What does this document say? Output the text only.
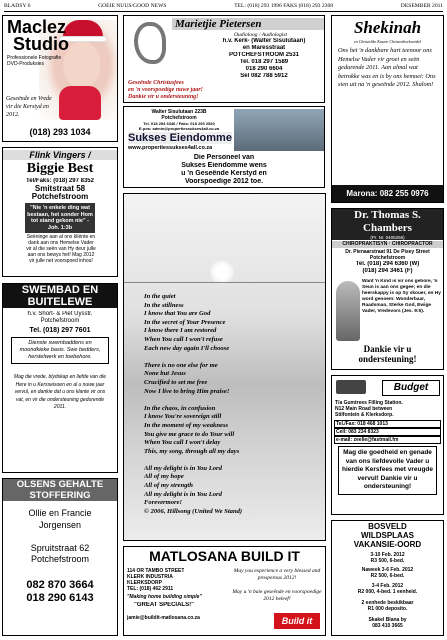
BLADSY 6	GOEIE NUUS/GOOD NEWS	TEL: (018) 293 1996 FAKS (018) 293 2308	DESEMBER 2011
Maclez
Studio
Professionele Fotografie
DVD-Produksies
Geseënde en Vrede vir die Kerstyd en 2012.
(018) 293 1034
Marietjie Pietersen
Oudioloog / Audiologist
h.v. Kerk- (Walter Sisulutaan)
en Maresstraat
POTCHEFSTROOM 2531
Tel. 018 297 1589
018 290 6604
Sel 082 788 5912
Geseënde Christusfees
en 'n voorspoedige nuwe jaar!
Dankie vir u ondersteuning!
Walter Sisulutaan 223B
Potchefstroom
Tel. 018 294 6346 / Faks: 018 293 2520
E-pos: admin@propertiessukses4all.co.za
Sukses Eiendomme
www.propertiessukses4all.co.za
Die Personeel van
Sukses Eiendomme wens
u 'n Geseënde Kerstyd en
Voorspoedige 2012 toe.
Shekinah
en Christelike Kaarte Christenboekwinkel
Ons het 'n dankbare hart teenoor ons Hemelse Vader vir groei en seën gedurende 2011. Aan almal wat betrokke was en is by ons bemoei: Ons sien uit na 'n geseënde 2012. Shalom!
Marona: 082 255 0976
Flink Vingers /
Biggie Best
Tel/Faks: (018) 297 8352
Smitstraat 58
Potchefstroom
"Nie 'n enkele ding wat bestaan, het sonder Hom tot stand gekom nie" - Joh. 1:3b
Seëninge aan al ons kliënte en dank aan ons Hemelse Vader vir al die seën van Hy deur julle aan ons bewys het! Mag 2012 vir julle net voorspoed inhou!
SWEMBAD EN
BUITELEWE
h.v. Short- & Piet Uysstr. Potchefstroom
Tel. (018) 297 7601
Dienste swembaddens en moondkieke basis. Swe bedders, herstelwerk en toebehore.
Mag die vrede, blydskap en liefde van die Here in u Kersseisoen en al u nuwe jaar vervul, en dankie dat u ons klante vir ons vat, en vir die ondersteuning gedurende 2011.
OLSENS GEHALTE
STOFFERING
Ollie en Francie Jorgensen
Spruitstraat 62
Potchefstroom
082 870 3664
018 290 6143
In the quiet
In the stillness
I know that You are God
In the secret of Your Presence
I know there I am restored
When You call I won't refuse
Each new day again I'll choose
There is no one else for me
None but Jesus
Crucified to set me free
Now I live to bring Him praise!
In the chaos, in confusion
I know You're sovereign still
In the moment of my weakness
You give me grace to do Your will
When You call I won't delay
This, my song, through all my days
All my delight is in You Lord
All of my hope
All of my strength
All my delight is in You Lord
Forevermore!
© 2006, Hillsong (United We Stand)
MATLOSANA BUILD IT
114 OR TAMBO STREET
KLERK INDUSTRIA
KLERKSDORP
TEL: (018) 462 2911
"Making home building simple"
"GREAT SPECIALS!"
jamie@buildit-matlosana.co.za
May you experience a very blessed and prosperous 2012!
May u 'n baie geseënde en voorspoedige 2012 beleef!
Build it
Dr. Thomas S.
Chambers
(Pr. Nr. 0405256)
CHIROPRAKTISYN · CHIROPRACTOR
Dr. Pienaarstraat 91 De Pisey Street
Potchefstroom
Tel. (018) 294 6360 (W)
(018) 294 3461 (F)
Want 'n Kind is vir ons gebore, 'n Seun is aan ons gegee; en die heerskappy is op Sy skouer, en Hy word genoem: Wonderbaar, Raadsman, Sterke God, Ewige Vader, Vredevors (Jes. 9:5).
Dankie vir u ondersteuning!
Budget
T/a Gumtrees Filling Station.
N12 Main Road between
Stilfontein & Klerksdorp.
Tel./Fax: 018 468 1013
Cell: 083 234 8323
e-mail: zeelie@fastmail.fm
Mag die goedheid en genade van ons liefdevolle Vader u hierdie Kersfees met vreugde vervul! Dankie vir u ondersteuning!
BOSVELD
WILDSPLAAS
VAKANSIE-OORD
3-10 Feb. 2012
R3 500, 6-bed.
Naweek 3-6 Feb. 2012
R2 500, 6-bed.
3-4 Feb. 2012
R2 000, 4-bed. 1 eenheid.
2 eenhede beskikbaar
R1 000 deposito.
Skakel Blana by
083 410 3665
